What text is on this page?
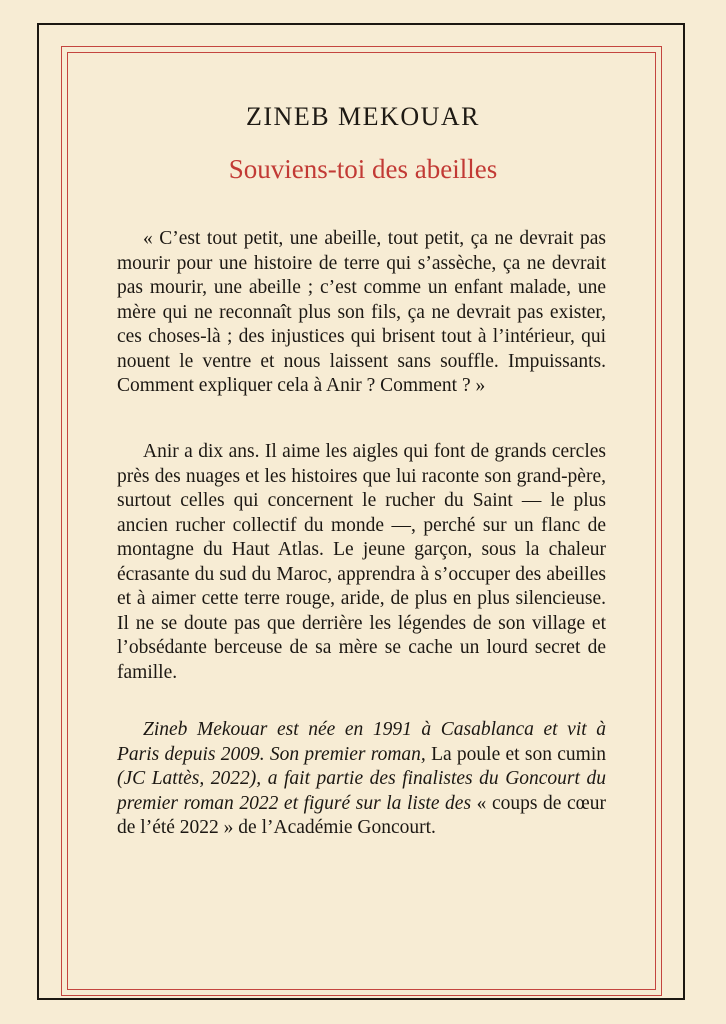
ZINEB MEKOUAR
Souviens-toi des abeilles

« C’est tout petit, une abeille, tout petit, ça ne devrait pas mourir pour une histoire de terre qui s’assèche, ça ne devrait pas mourir, une abeille ; c’est comme un enfant malade, une mère qui ne reconnaît plus son fils, ça ne devrait pas exister, ces choses-là ; des injustices qui brisent tout à l’intérieur, qui nouent le ventre et nous laissent sans souffle. Impuissants. Comment expliquer cela à Anir ? Comment ? »

Anir a dix ans. Il aime les aigles qui font de grands cercles près des nuages et les histoires que lui raconte son grand-père, surtout celles qui concernent le rucher du Saint — le plus ancien rucher collectif du monde —, perché sur un flanc de montagne du Haut Atlas. Le jeune garçon, sous la chaleur écrasante du sud du Maroc, apprendra à s’occuper des abeilles et à aimer cette terre rouge, aride, de plus en plus silencieuse. Il ne se doute pas que derrière les légendes de son village et l’obsédante berceuse de sa mère se cache un lourd secret de famille.

Zineb Mekouar est née en 1991 à Casablanca et vit à Paris depuis 2009. Son premier roman, La poule et son cumin (JC Lattès, 2022), a fait partie des finalistes du Goncourt du premier roman 2022 et figuré sur la liste des « coups de cœur de l’été 2022 » de l’Académie Goncourt.
